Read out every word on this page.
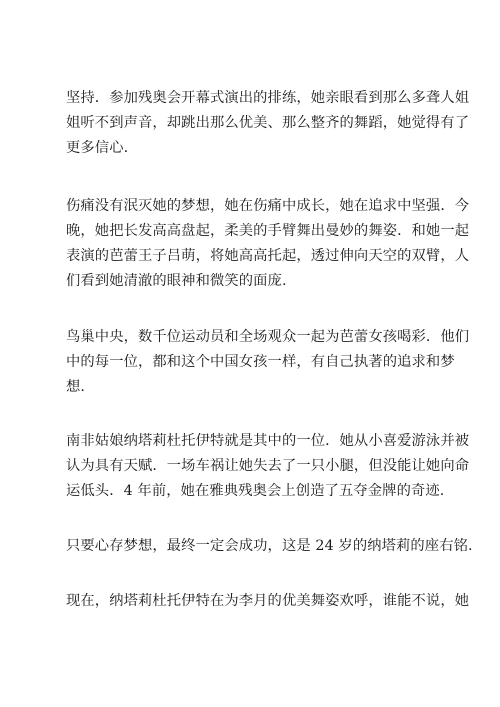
坚持．参加残奥会开幕式演出的排练，她亲眼看到那么多聋人姐
姐听不到声音，却跳出那么优美、那么整齐的舞蹈，她觉得有了
更多信心.

伤痛没有泯灭她的梦想，她在伤痛中成长，她在追求中坚强．今
晚，她把长发高高盘起，柔美的手臂舞出曼妙的舞姿．和她一起
表演的芭蕾王子吕萌，将她高高托起，透过伸向天空的双臂，人
们看到她清澈的眼神和微笑的面庞.

鸟巢中央，数千位运动员和全场观众一起为芭蕾女孩喝彩．他们
中的每一位，都和这个中国女孩一样，有自己执著的追求和梦
想.

南非姑娘纳塔莉杜托伊特就是其中的一位．她从小喜爱游泳并被
认为具有天赋．一场车祸让她失去了一只小腿，但没能让她向命
运低头．4 年前，她在雅典残奥会上创造了五夺金牌的奇迹.

只要心存梦想，最终一定会成功，这是 24 岁的纳塔莉的座右铭.

现在，纳塔莉杜托伊特在为李月的优美舞姿欢呼，谁能不说，她
